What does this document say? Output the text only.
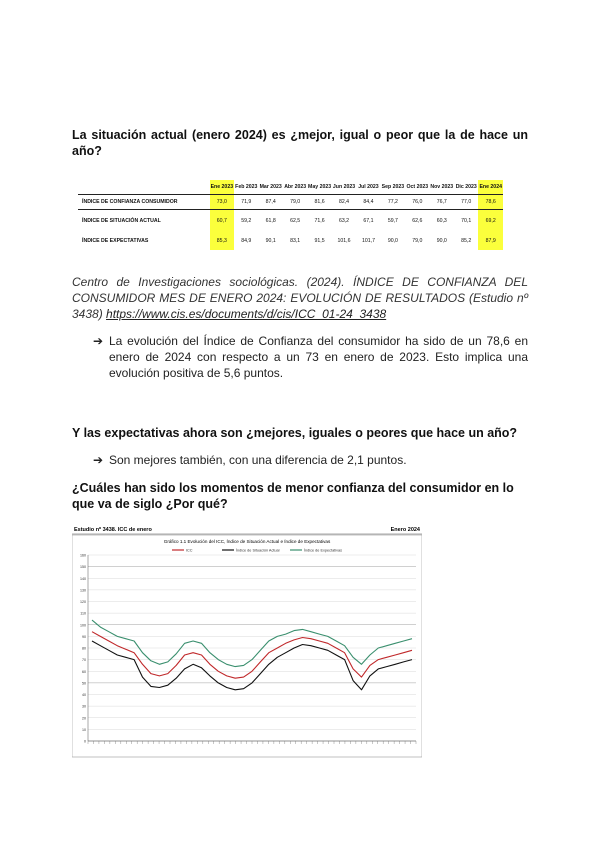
La situación actual (enero 2024) es ¿mejor, igual o peor que la de hace un año?
	Ene 2023	Feb 2023	Mar 2023	Abr 2023	May 2023	Jun 2023	Jul 2023	Sep 2023	Oct 2023	Nov 2023	Dic 2023	Ene 2024
ÍNDICE DE CONFIANZA CONSUMIDOR	73,0	71,9	87,4	79,0	81,6	82,4	84,4	77,2	76,0	76,7	77,0	78,6
ÍNDICE DE SITUACIÓN ACTUAL	60,7	59,2	61,8	62,5	71,6	63,2	67,1	59,7	62,6	60,3	70,1	69,2
ÍNDICE DE EXPECTATIVAS	85,3	84,9	90,1	83,1	91,5	101,6	101,7	90,0	79,0	90,0	85,2	87,9
Centro de Investigaciones sociológicas. (2024). ÍNDICE DE CONFIANZA DEL CONSUMIDOR MES DE ENERO 2024: EVOLUCIÓN DE RESULTADOS (Estudio nº 3438) https://www.cis.es/documents/d/cis/ICC_01-24_3438
➔ La evolución del Índice de Confianza del consumidor ha sido de un 78,6 en enero de 2024 con respecto a un 73 en enero de 2023. Esto implica una evolución positiva de 5,6 puntos.
Y las expectativas ahora son ¿mejores, iguales o peores que hace un año?
➔ Son mejores también, con una diferencia de 2,1 puntos.
¿Cuáles han sido los momentos de menor confianza del consumidor en lo que va de siglo ¿Por qué?
Estudio nº 3438. ICC de enero	Enero 2024
Gráfico 1.1 Evolución del ICC, Índice de Situación Actual e Índice de Expectativas
ICC	Índice de Situación Actual	Índice de Expectativas
0
10
20
30
40
50
60
70
80
90
100
110
120
130
140
150
160
